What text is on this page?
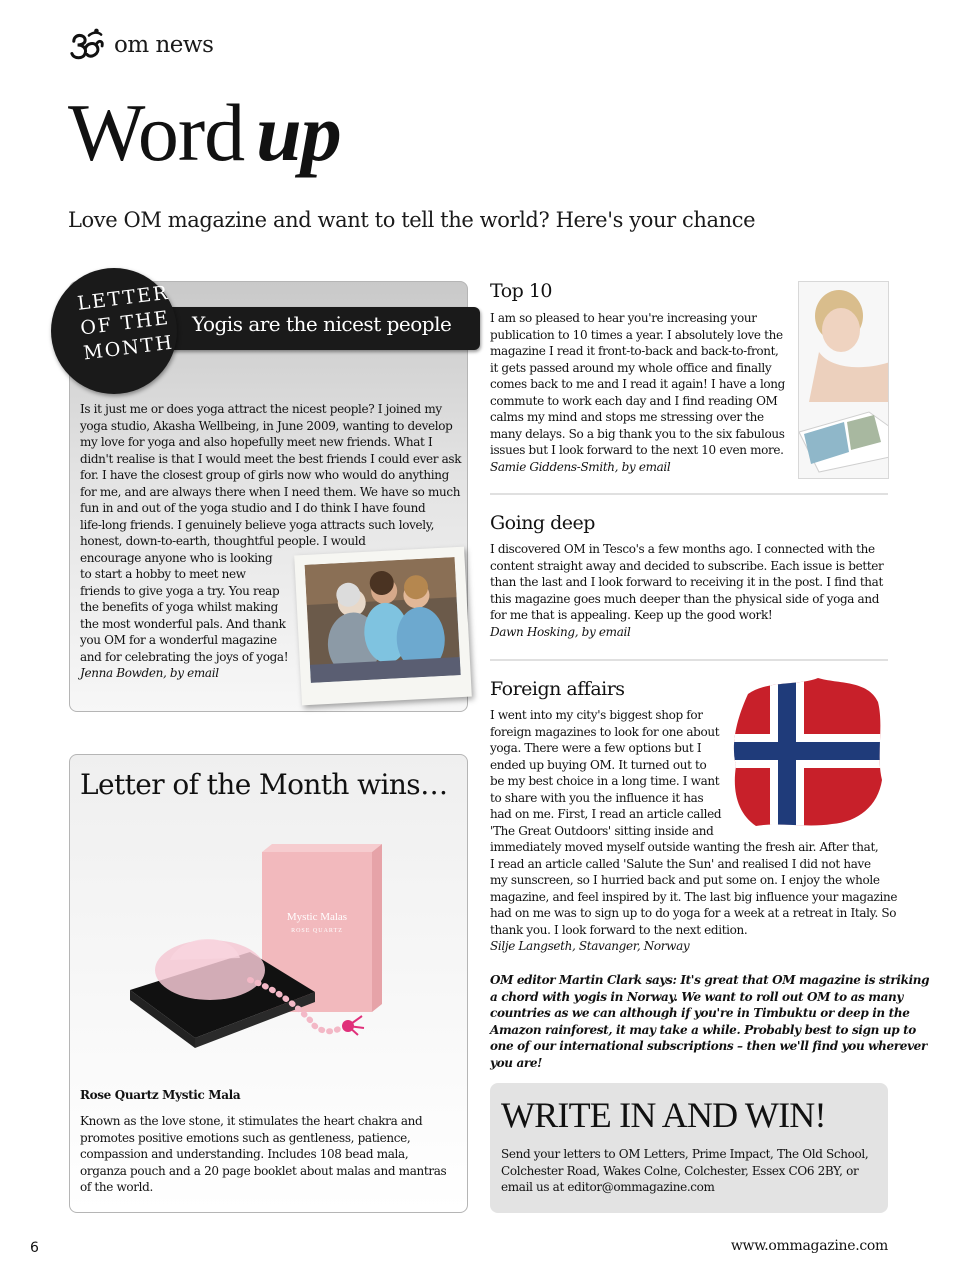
om news
Word up
Love OM magazine and want to tell the world? Here's your chance
Yogis are the nicest people
LETTER
OF THE
MONTH
Is it just me or does yoga attract the nicest people? I joined my
yoga studio, Akasha Wellbeing, in June 2009, wanting to develop
my love for yoga and also hopefully meet new friends. What I
didn't realise is that I would meet the best friends I could ever ask
for. I have the closest group of girls now who would do anything
for me, and are always there when I need them. We have so much
fun in and out of the yoga studio and I do think I have found
life-long friends. I genuinely believe yoga attracts such lovely,
honest, down-to-earth, thoughtful people. I would
encourage anyone who is looking
to start a hobby to meet new
friends to give yoga a try. You reap
the benefits of yoga whilst making
the most wonderful pals. And thank
you OM for a wonderful magazine
and for celebrating the joys of yoga!
Jenna Bowden, by email
Letter of the Month wins…
Mystic Malas
ROSE QUARTZ
Rose Quartz Mystic Mala
Known as the love stone, it stimulates the heart chakra and
promotes positive emotions such as gentleness, patience,
compassion and understanding. Includes 108 bead mala,
organza pouch and a 20 page booklet about malas and mantras
of the world.
Top 10
I am so pleased to hear you're increasing your
publication to 10 times a year. I absolutely love the
magazine I read it front-to-back and back-to-front,
it gets passed around my whole office and finally
comes back to me and I read it again! I have a long
commute to work each day and I find reading OM
calms my mind and stops me stressing over the
many delays. So a big thank you to the six fabulous
issues but I look forward to the next 10 even more.
Samie Giddens-Smith, by email
Going deep
I discovered OM in Tesco's a few months ago. I connected with the
content straight away and decided to subscribe. Each issue is better
than the last and I look forward to receiving it in the post. I find that
this magazine goes much deeper than the physical side of yoga and
for me that is appealing. Keep up the good work!
Dawn Hosking, by email
Foreign affairs
I went into my city's biggest shop for
foreign magazines to look for one about
yoga. There were a few options but I
ended up buying OM. It turned out to
be my best choice in a long time. I want
to share with you the influence it has
had on me. First, I read an article called
'The Great Outdoors' sitting inside and
immediately moved myself outside wanting the fresh air. After that,
I read an article called 'Salute the Sun' and realised I did not have
my sunscreen, so I hurried back and put some on. I enjoy the whole
magazine, and feel inspired by it. The last big influence your magazine
had on me was to sign up to do yoga for a week at a retreat in Italy. So
thank you. I look forward to the next edition.
Silje Langseth, Stavanger, Norway
OM editor Martin Clark says: It's great that OM magazine is striking
a chord with yogis in Norway. We want to roll out OM to as many
countries as we can although if you're in Timbuktu or deep in the
Amazon rainforest, it may take a while. Probably best to sign up to
one of our international subscriptions – then we'll find you wherever
you are!
WRITE IN AND WIN!
Send your letters to OM Letters, Prime Impact, The Old School,
Colchester Road, Wakes Colne, Colchester, Essex CO6 2BY, or
email us at editor@ommagazine.com
6	www.ommagazine.com
